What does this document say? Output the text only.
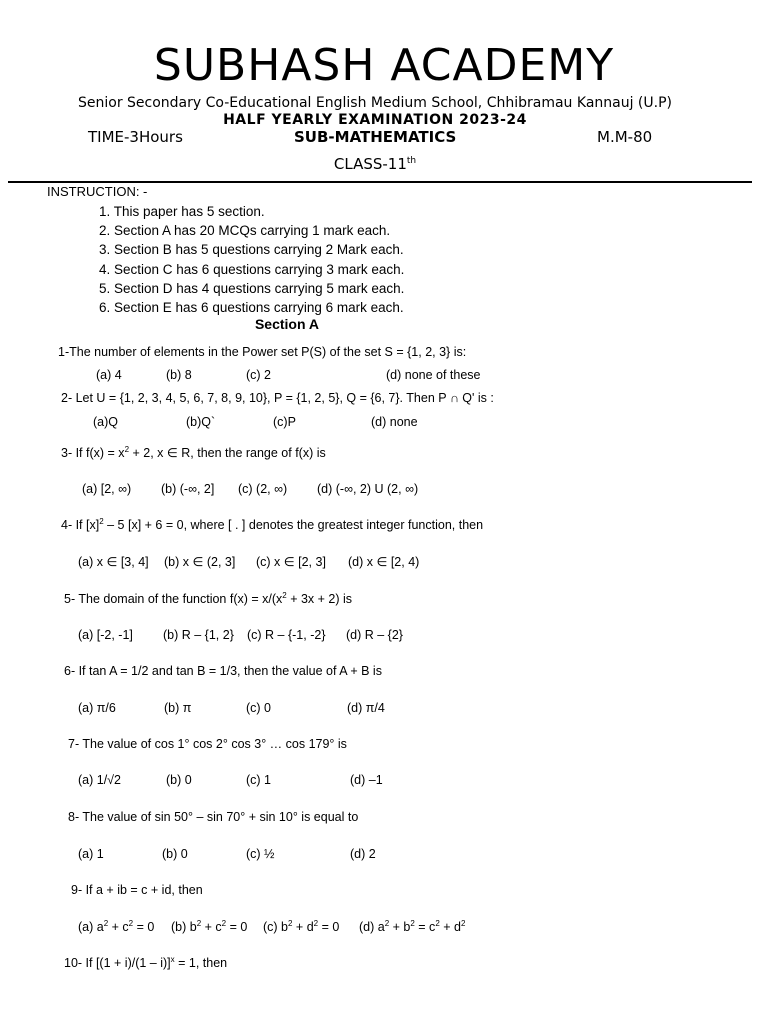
SUBHASH ACADEMY
Senior Secondary Co-Educational English Medium School, Chhibramau Kannauj (U.P)
HALF YEARLY EXAMINATION 2023-24
TIME-3Hours	SUB-MATHEMATICS	M.M-80
CLASS-11th
INSTRUCTION: -
1. This paper has 5 section.
2. Section A has 20 MCQs carrying 1 mark each.
3. Section B has 5 questions carrying 2 Mark each.
4. Section C has 6 questions carrying 3 mark each.
5. Section D has 4 questions carrying 5 mark each.
6. Section E has 6 questions carrying 6 mark each.
Section A
1-The number of elements in the Power set P(S) of the set S = {1, 2, 3} is:
(a) 4	(b) 8	(c) 2	(d) none of these
2- Let U = {1, 2, 3, 4, 5, 6, 7, 8, 9, 10}, P = {1, 2, 5}, Q = {6, 7}. Then P ∩ Q' is :
(a)Q	(b)Q`	(c)P	(d) none
3- If $f(x) = x^2 + 2$, x ∈ R, then the range of f(x) is
(a) [2, ∞) (b) (-∞, 2] (c) (2, ∞) (d) (-∞, 2) U (2, ∞)
4- If $[x]^2 - 5$ [x] + 6 = 0, where [ . ] denotes the greatest integer function, then
(a) x ∈ [3, 4] (b) x ∈ (2, 3] (c) x ∈ [2, 3] (d) x ∈ [2, 4)
5- The domain of the function $f(x) = x/(x^2 + 3x + 2)$ is
(a) [-2, -1] (b) R – {1, 2} (c) R – {-1, -2} (d) R – {2}
6- If tan A = 1/2 and tan B = 1/3, then the value of A + B is
(a) π/6	(b) π	(c) 0	(d) π/4
7- The value of cos 1° cos 2° cos 3° … cos 179° is
(a) 1/√2	(b) 0	(c) 1	(d) –1
8- The value of sin 50° – sin 70° + sin 10° is equal to
(a) 1	(b) 0	(c) ½	(d) 2
9- If a + ib = c + id, then
(a) $a^2 + c^2 = 0$ (b) $b^2 + c^2 = 0$ (c) $b^2 + d^2 = 0$ (d) $a^2 + b^2 = c^2 + d^2$
10- If $[(1 + i)/(1 - i)]^x = 1$, then
